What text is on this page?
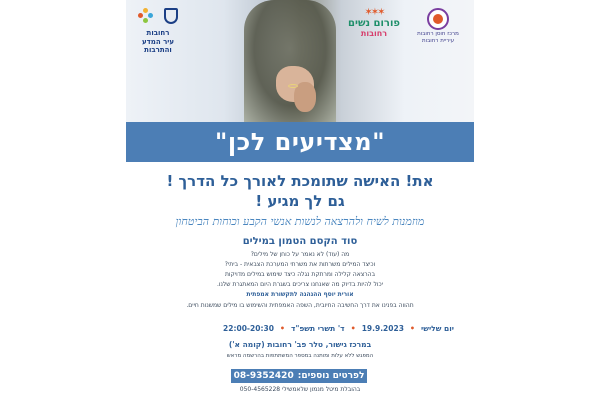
מרכז חוסן רחובות
עיריית רחובות
✶✶✶
פורום נשים
רחובות

רחובות
עיר המדע
והתרבות
"מצדיעים לכן"
את! האישה שתומכת לאורך כל הדרך !
גם לך מגיע !
מוזמנות לשיח ולהרצאה לנשות אנשי הקבע וכוחות הביטחון
סוד הקסם הטמון במילים
מה (עוד) לא נאמר על כוחן של מילים?
וכיצד המילים משרתות את משרתי המערכת הצבאית - ביתי?
בהרצאה קלילה ומרתקת נגלה כיצד שימוש במילים מדויקות
יכול להיות בדיוק מה שאנחנו צריכים בשגרת היום המאתגרת שלנו.
אורית יוסף ההנהגה לתקשורת אמפתית
תהווה בפנינו את דרך החשיבה החיובית, השפה האמפתית והשימוש בו מילים שמשנות חיים.
יום שלישי
•
19.9.2023
•
ד' תשרי תשפ"ד
•
22:00-20:30
במרכז גישור, טלר פב' רחובות (קומה א')
המפגש ללא עלות ומותנה במספר המשתתפות בהרשמה מראש
לפרטים נוספים:
08-9352420
בהובלת מיטל מנמון שלאמשילי 050-4565228
